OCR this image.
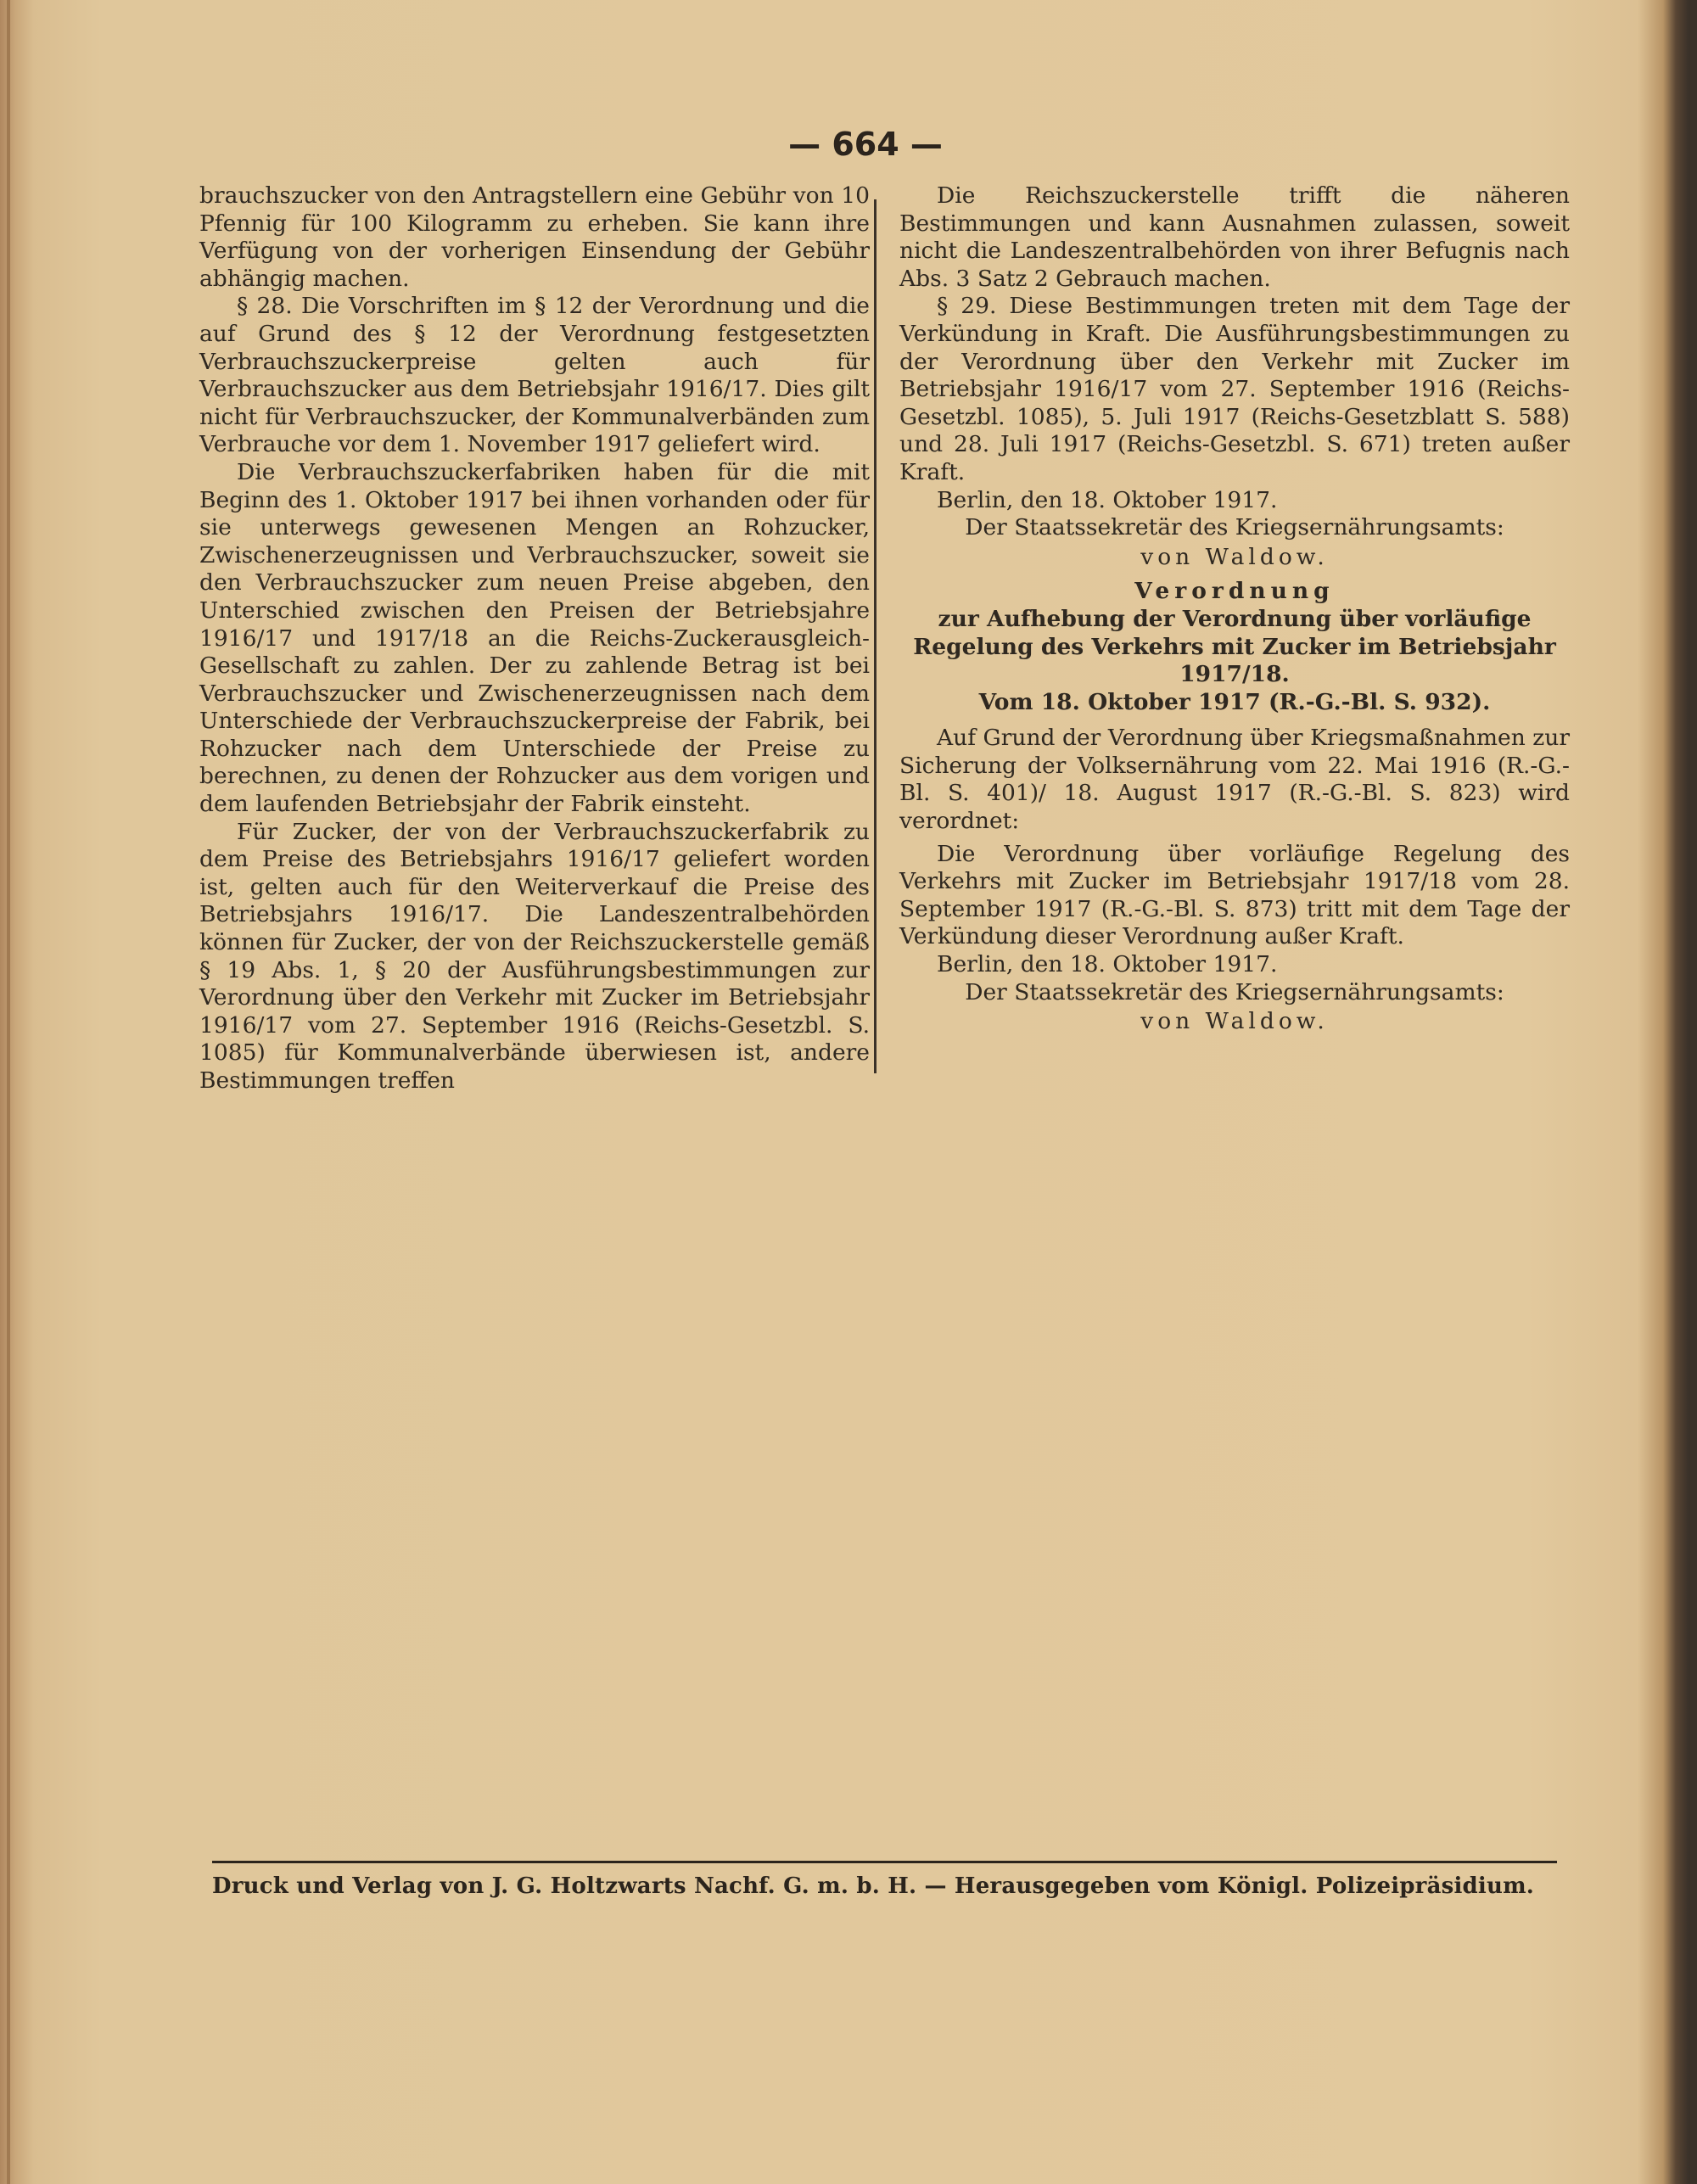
— 664 —

brauchszucker von den Antragstellern eine Gebühr von 10 Pfennig für 100 Kilogramm zu erheben. Sie kann ihre Verfügung von der vorherigen Einsendung der Gebühr abhängig machen.

§ 28. Die Vorschriften im § 12 der Verordnung und die auf Grund des § 12 der Verordnung festgesetzten Verbrauchszuckerpreise gelten auch für Verbrauchszucker aus dem Betriebsjahr 1916/17. Dies gilt nicht für Verbrauchszucker, der Kommunalverbänden zum Verbrauche vor dem 1. November 1917 geliefert wird.

Die Verbrauchszuckerfabriken haben für die mit Beginn des 1. Oktober 1917 bei ihnen vorhanden oder für sie unterwegs gewesenen Mengen an Rohzucker, Zwischenerzeugnissen und Verbrauchszucker, soweit sie den Verbrauchszucker zum neuen Preise abgeben, den Unterschied zwischen den Preisen der Betriebsjahre 1916/17 und 1917/18 an die Reichs-Zuckerausgleich-Gesellschaft zu zahlen. Der zu zahlende Betrag ist bei Verbrauchszucker und Zwischenerzeugnissen nach dem Unterschiede der Verbrauchszuckerpreise der Fabrik, bei Rohzucker nach dem Unterschiede der Preise zu berechnen, zu denen der Rohzucker aus dem vorigen und dem laufenden Betriebsjahr der Fabrik einsteht.

Für Zucker, der von der Verbrauchszuckerfabrik zu dem Preise des Betriebsjahrs 1916/17 geliefert worden ist, gelten auch für den Weiterverkauf die Preise des Betriebsjahrs 1916/17. Die Landeszentralbehörden können für Zucker, der von der Reichszuckerstelle gemäß § 19 Abs. 1, § 20 der Ausführungsbestimmungen zur Verordnung über den Verkehr mit Zucker im Betriebsjahr 1916/17 vom 27. September 1916 (Reichs-Gesetzbl. S. 1085) für Kommunalverbände überwiesen ist, andere Bestimmungen treffen

Die Reichszuckerstelle trifft die näheren Bestimmungen und kann Ausnahmen zulassen, soweit nicht die Landeszentralbehörden von ihrer Befugnis nach Abs. 3 Satz 2 Gebrauch machen.

§ 29. Diese Bestimmungen treten mit dem Tage der Verkündung in Kraft. Die Ausführungsbestimmungen zu der Verordnung über den Verkehr mit Zucker im Betriebsjahr 1916/17 vom 27. September 1916 (Reichs-Gesetzbl. 1085), 5. Juli 1917 (Reichs-Gesetzblatt S. 588) und 28. Juli 1917 (Reichs-Gesetzbl. S. 671) treten außer Kraft.

Berlin, den 18. Oktober 1917.

Der Staatssekretär des Kriegsernährungsamts:

von Waldow.

Verordnung

zur Aufhebung der Verordnung über vorläufige Regelung des Verkehrs mit Zucker im Betriebsjahr 1917/18.

Vom 18. Oktober 1917 (R.-G.-Bl. S. 932).

Auf Grund der Verordnung über Kriegsmaßnahmen zur Sicherung der Volksernährung vom 22. Mai 1916 (R.-G.-Bl. S. 401)/ 18. August 1917 (R.-G.-Bl. S. 823) wird verordnet:

Die Verordnung über vorläufige Regelung des Verkehrs mit Zucker im Betriebsjahr 1917/18 vom 28. September 1917 (R.-G.-Bl. S. 873) tritt mit dem Tage der Verkündung dieser Verordnung außer Kraft.

Berlin, den 18. Oktober 1917.

Der Staatssekretär des Kriegsernährungsamts:

von Waldow.

Druck und Verlag von J. G. Holtzwarts Nachf. G. m. b. H. — Herausgegeben vom Königl. Polizeipräsidium.
